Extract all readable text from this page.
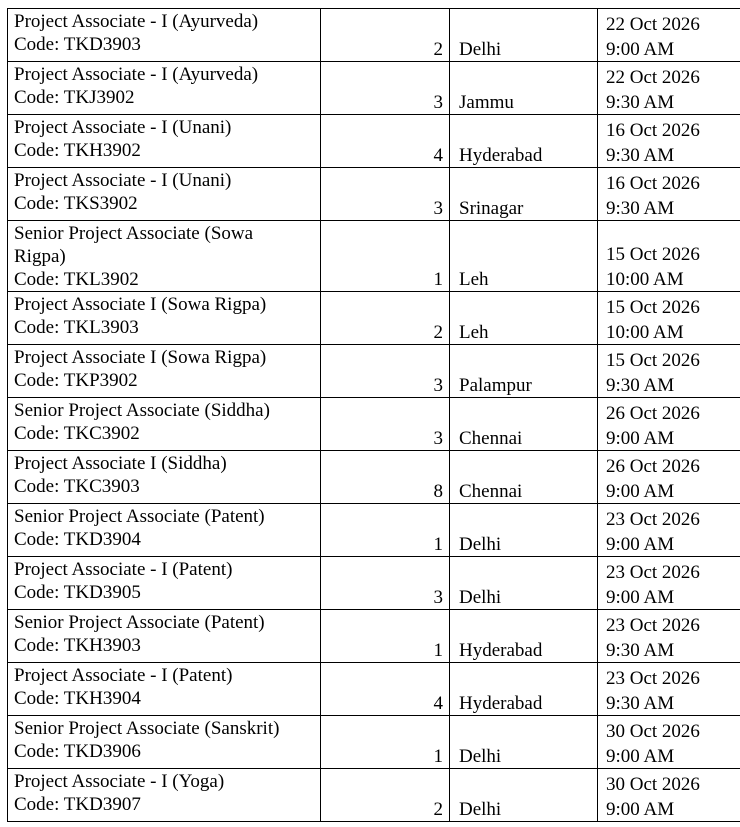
Project Associate - I (Ayurveda)
Code: TKD3903	2	Delhi	22 Oct 2026
9:00 AM

Project Associate - I (Ayurveda)
Code: TKJ3902	3	Jammu	22 Oct 2026
9:30 AM

Project Associate - I (Unani)
Code: TKH3902	4	Hyderabad	16 Oct 2026
9:30 AM

Project Associate - I (Unani)
Code: TKS3902	3	Srinagar	16 Oct 2026
9:30 AM

Senior Project Associate (Sowa
Rigpa)
Code: TKL3902	1	Leh	15 Oct 2026
10:00 AM

Project Associate I (Sowa Rigpa)
Code: TKL3903	2	Leh	15 Oct 2026
10:00 AM

Project Associate I (Sowa Rigpa)
Code: TKP3902	3	Palampur	15 Oct 2026
9:30 AM

Senior Project Associate (Siddha)
Code: TKC3902	3	Chennai	26 Oct 2026
9:00 AM

Project Associate I (Siddha)
Code: TKC3903	8	Chennai	26 Oct 2026
9:00 AM

Senior Project Associate (Patent)
Code: TKD3904	1	Delhi	23 Oct 2026
9:00 AM

Project Associate - I (Patent)
Code: TKD3905	3	Delhi	23 Oct 2026
9:00 AM

Senior Project Associate (Patent)
Code: TKH3903	1	Hyderabad	23 Oct 2026
9:30 AM

Project Associate - I (Patent)
Code: TKH3904	4	Hyderabad	23 Oct 2026
9:30 AM

Senior Project Associate (Sanskrit)
Code: TKD3906	1	Delhi	30 Oct 2026
9:00 AM

Project Associate - I (Yoga)
Code: TKD3907	2	Delhi	30 Oct 2026
9:00 AM
